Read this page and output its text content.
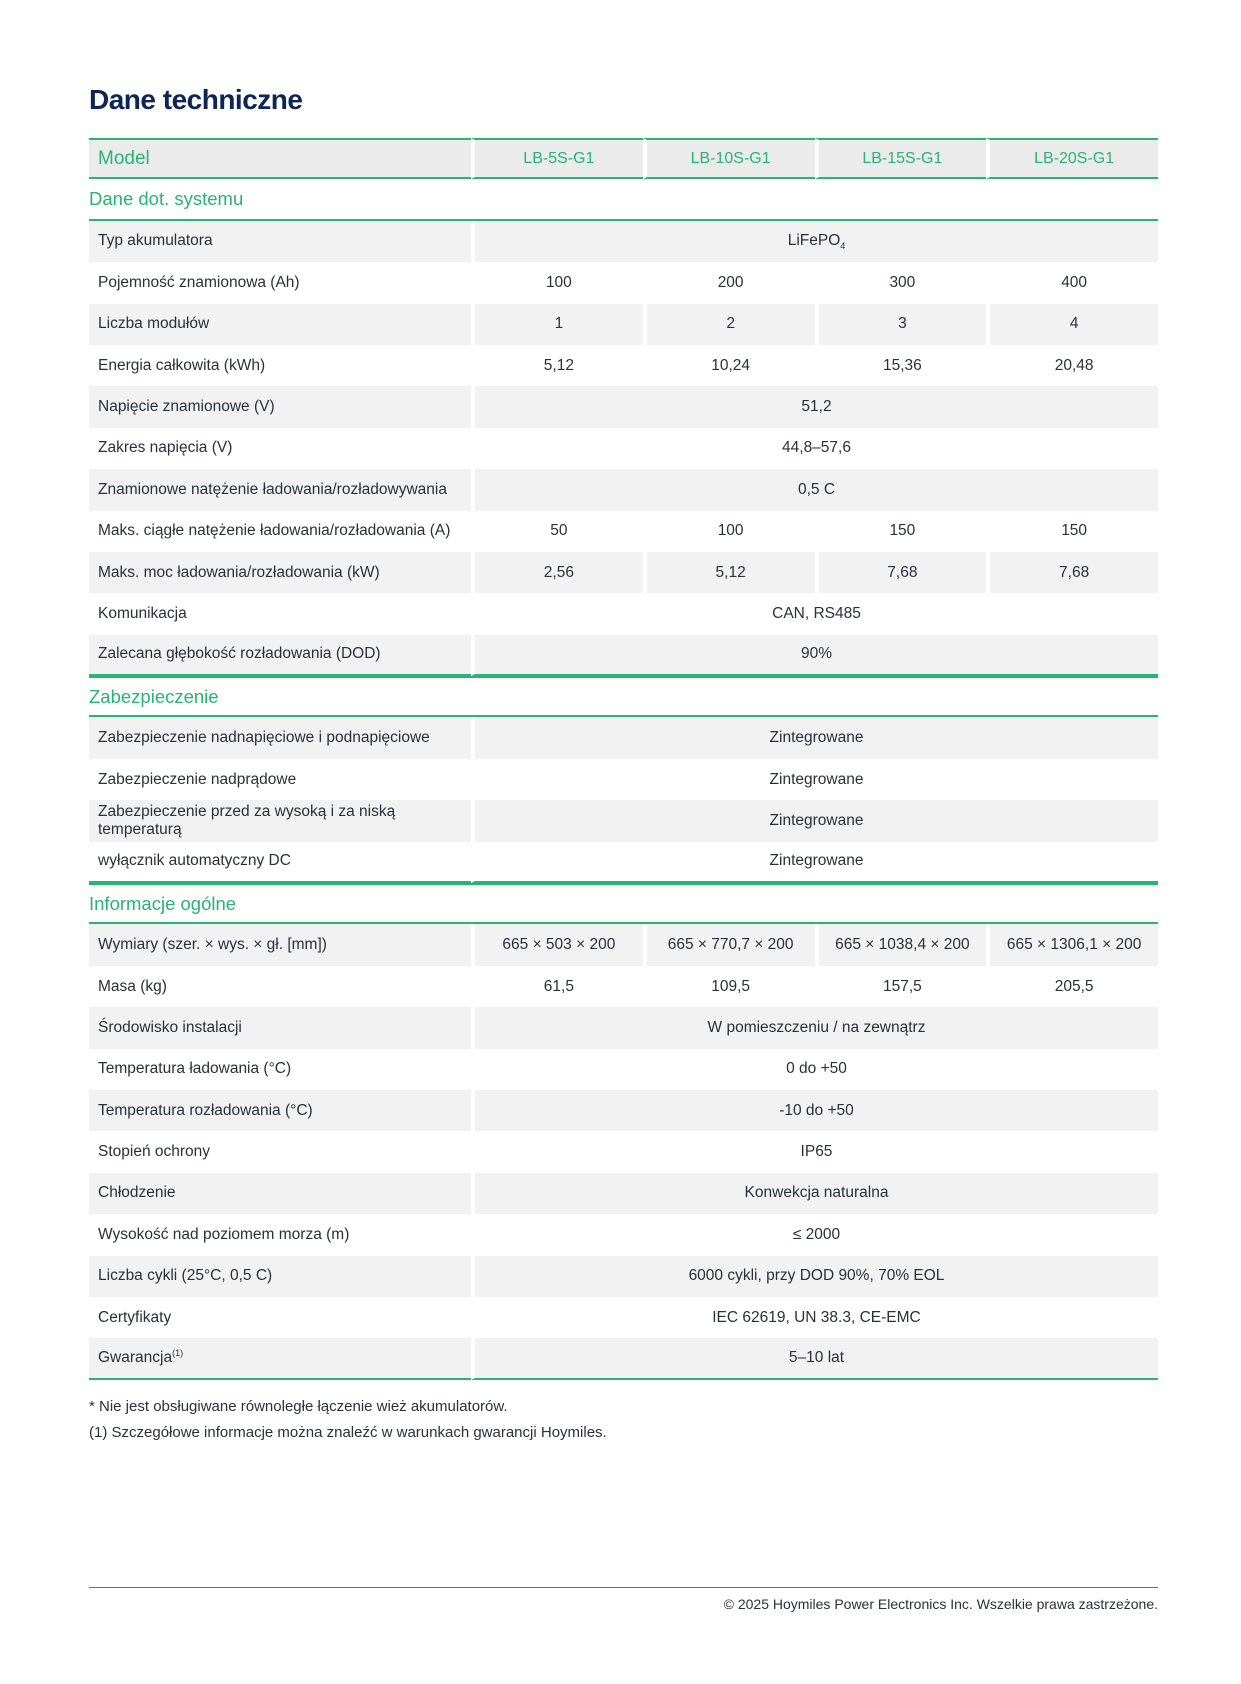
Dane techniczne
Model	LB-5S-G1	LB-10S-G1	LB-15S-G1	LB-20S-G1
Dane dot. systemu				
Typ akumulatora	LiFePO$_4$
Pojemność znamionowa (Ah)	100	200	300	400
Liczba modułów	1	2	3	4
Energia całkowita (kWh)	5,12	10,24	15,36	20,48
Napięcie znamionowe (V)	51,2			
Zakres napięcia (V)	44,8–57,6			
Znamionowe natężenie ładowania/rozładowywania	0,5 C			
Maks. ciągłe natężenie ładowania/rozładowania (A)	50	100	150	150
Maks. moc ładowania/rozładowania (kW)	2,56	5,12	7,68	7,68
Komunikacja	CAN, RS485			
Zalecana głębokość rozładowania (DOD)	90%			
Zabezpieczenie				
Zabezpieczenie nadnapięciowe i podnapięciowe	Zintegrowane			
Zabezpieczenie nadprądowe	Zintegrowane			
Zabezpieczenie przed za wysoką i za niską temperaturą	Zintegrowane			
wyłącznik automatyczny DC	Zintegrowane			
Informacje ogólne				
Wymiary (szer. × wys. × gł. [mm])	665 × 503 × 200	665 × 770,7 × 200	665 × 1038,4 × 200	665 × 1306,1 × 200
Masa (kg)	61,5	109,5	157,5	205,5
Środowisko instalacji	W pomieszczeniu / na zewnątrz			
Temperatura ładowania (°C)	0 do +50			
Temperatura rozładowania (°C)	-10 do +50			
Stopień ochrony	IP65			
Chłodzenie	Konwekcja naturalna			
Wysokość nad poziomem morza (m)	≤ 2000			
Liczba cykli (25°C, 0,5 C)	6000 cykli, przy DOD 90%, 70% EOL			
Certyfikaty	IEC 62619, UN 38.3, CE-EMC			
Gwarancja$^{(1)}$	5–10 lat			
* Nie jest obsługiwane równoległe łączenie wież akumulatorów.
(1) Szczegółowe informacje można znaleźć w warunkach gwarancji Hoymiles.
© 2025 Hoymiles Power Electronics Inc. Wszelkie prawa zastrzeżone.
